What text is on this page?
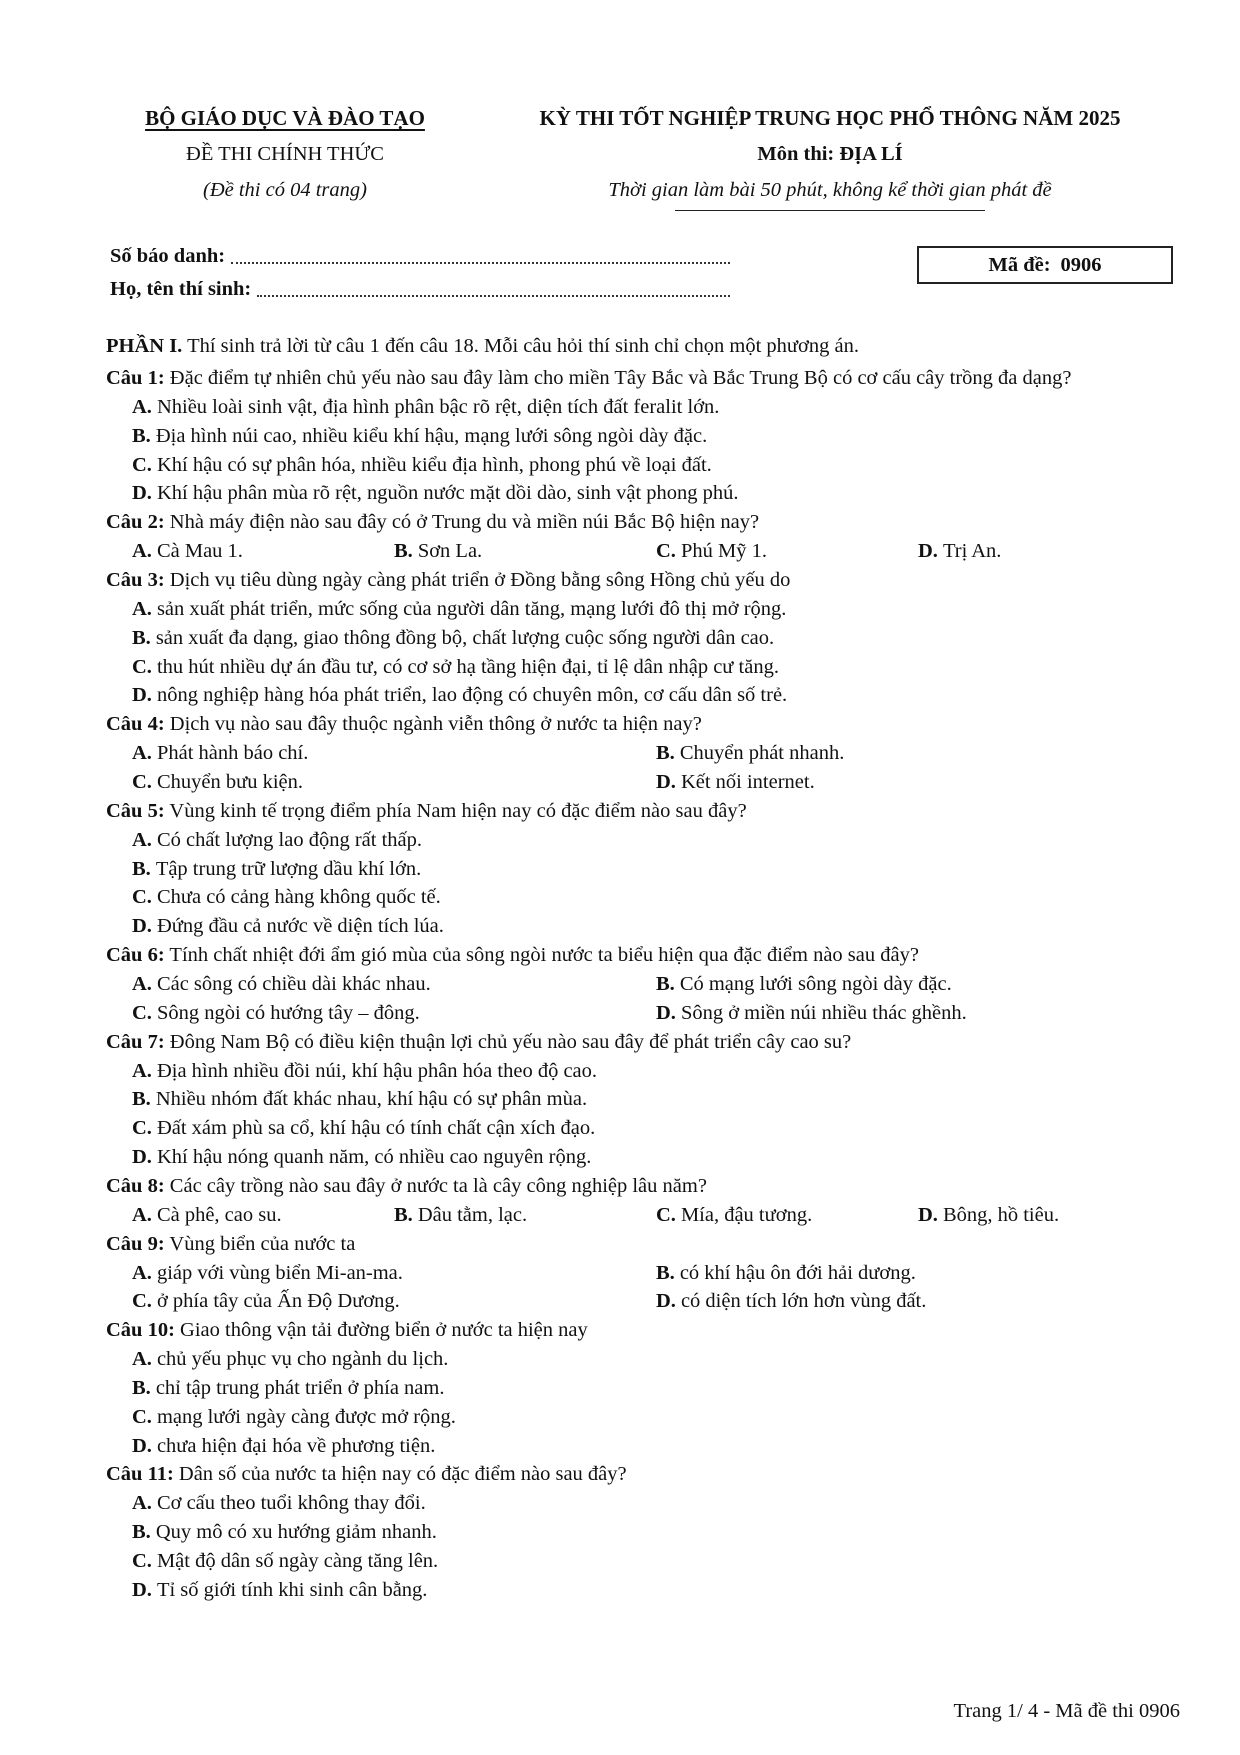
BỘ GIÁO DỤC VÀ ĐÀO TẠO
ĐỀ THI CHÍNH THỨC
(Đề thi có 04 trang)
KỲ THI TỐT NGHIỆP TRUNG HỌC PHỔ THÔNG NĂM 2025
Môn thi: ĐỊA LÍ
Thời gian làm bài 50 phút, không kể thời gian phát đề
Số báo danh:
Họ, tên thí sinh:
Mã đề: 0906
PHẦN I. Thí sinh trả lời từ câu 1 đến câu 18. Mỗi câu hỏi thí sinh chỉ chọn một phương án.
Câu 1: Đặc điểm tự nhiên chủ yếu nào sau đây làm cho miền Tây Bắc và Bắc Trung Bộ có cơ cấu cây trồng đa dạng?
A. Nhiều loài sinh vật, địa hình phân bậc rõ rệt, diện tích đất feralit lớn.
B. Địa hình núi cao, nhiều kiểu khí hậu, mạng lưới sông ngòi dày đặc.
C. Khí hậu có sự phân hóa, nhiều kiểu địa hình, phong phú về loại đất.
D. Khí hậu phân mùa rõ rệt, nguồn nước mặt dồi dào, sinh vật phong phú.
Câu 2: Nhà máy điện nào sau đây có ở Trung du và miền núi Bắc Bộ hiện nay?
A. Cà Mau 1.	B. Sơn La.	C. Phú Mỹ 1.	D. Trị An.
Câu 3: Dịch vụ tiêu dùng ngày càng phát triển ở Đồng bằng sông Hồng chủ yếu do
A. sản xuất phát triển, mức sống của người dân tăng, mạng lưới đô thị mở rộng.
B. sản xuất đa dạng, giao thông đồng bộ, chất lượng cuộc sống người dân cao.
C. thu hút nhiều dự án đầu tư, có cơ sở hạ tầng hiện đại, tỉ lệ dân nhập cư tăng.
D. nông nghiệp hàng hóa phát triển, lao động có chuyên môn, cơ cấu dân số trẻ.
Câu 4: Dịch vụ nào sau đây thuộc ngành viễn thông ở nước ta hiện nay?
A. Phát hành báo chí.	B. Chuyển phát nhanh.
C. Chuyển bưu kiện.	D. Kết nối internet.
Câu 5: Vùng kinh tế trọng điểm phía Nam hiện nay có đặc điểm nào sau đây?
A. Có chất lượng lao động rất thấp.
B. Tập trung trữ lượng dầu khí lớn.
C. Chưa có cảng hàng không quốc tế.
D. Đứng đầu cả nước về diện tích lúa.
Câu 6: Tính chất nhiệt đới ẩm gió mùa của sông ngòi nước ta biểu hiện qua đặc điểm nào sau đây?
A. Các sông có chiều dài khác nhau.	B. Có mạng lưới sông ngòi dày đặc.
C. Sông ngòi có hướng tây – đông.	D. Sông ở miền núi nhiều thác ghềnh.
Câu 7: Đông Nam Bộ có điều kiện thuận lợi chủ yếu nào sau đây để phát triển cây cao su?
A. Địa hình nhiều đồi núi, khí hậu phân hóa theo độ cao.
B. Nhiều nhóm đất khác nhau, khí hậu có sự phân mùa.
C. Đất xám phù sa cổ, khí hậu có tính chất cận xích đạo.
D. Khí hậu nóng quanh năm, có nhiều cao nguyên rộng.
Câu 8: Các cây trồng nào sau đây ở nước ta là cây công nghiệp lâu năm?
A. Cà phê, cao su.	B. Dâu tằm, lạc.	C. Mía, đậu tương.	D. Bông, hồ tiêu.
Câu 9: Vùng biển của nước ta
A. giáp với vùng biển Mi-an-ma.	B. có khí hậu ôn đới hải dương.
C. ở phía tây của Ấn Độ Dương.	D. có diện tích lớn hơn vùng đất.
Câu 10: Giao thông vận tải đường biển ở nước ta hiện nay
A. chủ yếu phục vụ cho ngành du lịch.
B. chỉ tập trung phát triển ở phía nam.
C. mạng lưới ngày càng được mở rộng.
D. chưa hiện đại hóa về phương tiện.
Câu 11: Dân số của nước ta hiện nay có đặc điểm nào sau đây?
A. Cơ cấu theo tuổi không thay đổi.
B. Quy mô có xu hướng giảm nhanh.
C. Mật độ dân số ngày càng tăng lên.
D. Tỉ số giới tính khi sinh cân bằng.
Trang 1/ 4 - Mã đề thi 0906
